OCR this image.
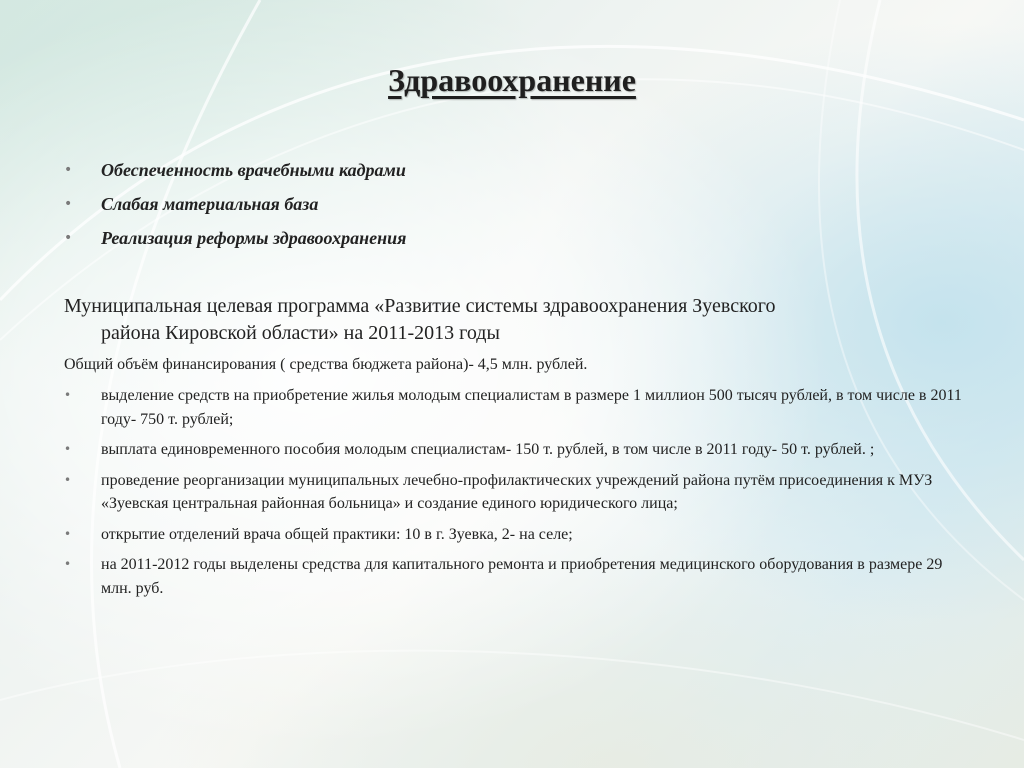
Здравоохранение
• Обеспеченность врачебными кадрами
• Слабая материальная база
• Реализация реформы здравоохранения
Муниципальная целевая программа «Развитие системы здравоохранения Зуевского
района Кировской области» на 2011-2013 годы
Общий объём финансирования ( средства бюджета района)- 4,5 млн. рублей.
• выделение средств на приобретение жилья молодым специалистам в размере 1 миллион 500 тысяч рублей, в том числе в 2011 году- 750 т. рублей;
• выплата единовременного пособия молодым специалистам- 150 т. рублей, в том числе в 2011 году- 50 т. рублей. ;
• проведение реорганизации муниципальных лечебно-профилактических учреждений района путём присоединения к МУЗ «Зуевская центральная районная больница» и создание единого юридического лица;
• открытие отделений врача общей практики: 10 в г. Зуевка, 2- на селе;
• на 2011-2012 годы выделены средства для капитального ремонта и приобретения медицинского оборудования в размере 29 млн. руб.
